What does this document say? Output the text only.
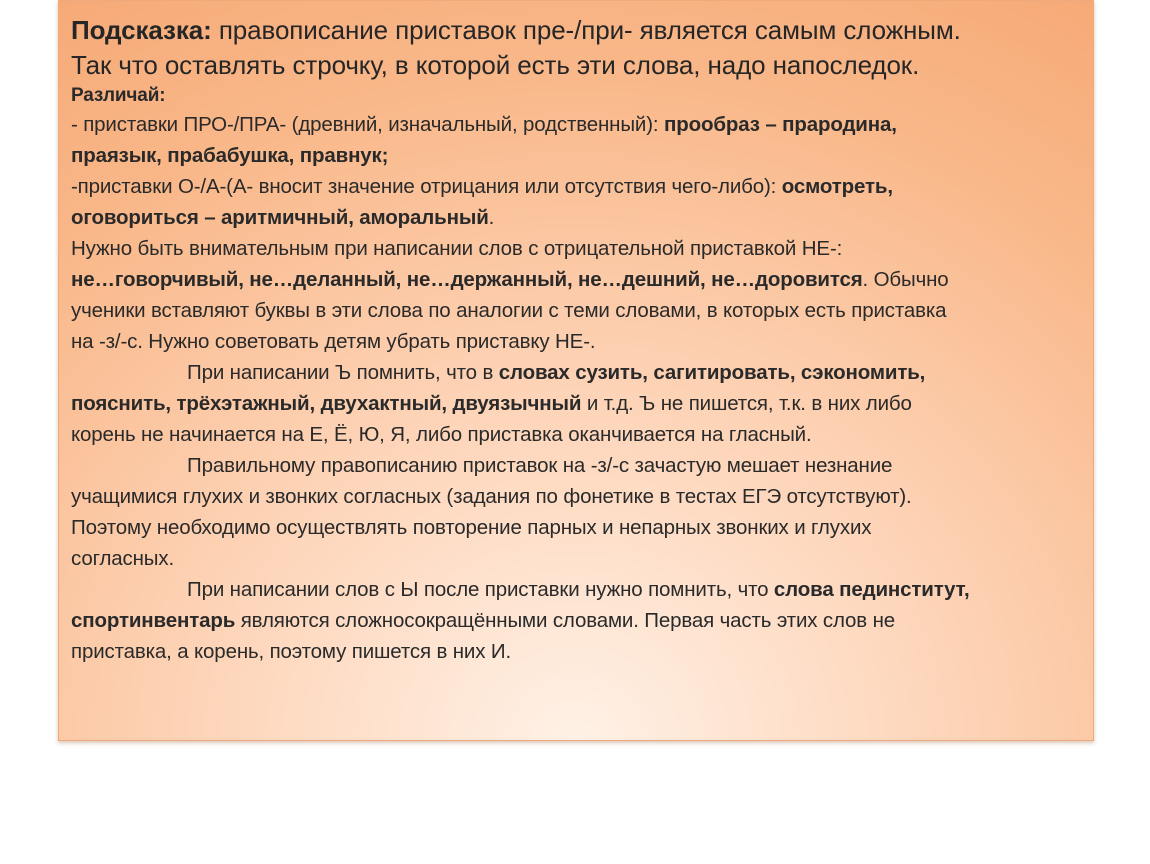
Подсказка: правописание приставок пре-/при- является самым сложным.

Так что оставлять строчку, в которой есть эти слова, надо напоследок.

Различай:

- приставки ПРО-/ПРА- (древний, изначальный, родственный): прообраз – прародина,

праязык, прабабушка, правнук;

-приставки О-/А-(А- вносит значение отрицания или отсутствия чего-либо): осмотреть,

оговориться – аритмичный, аморальный.

Нужно быть внимательным при написании слов с отрицательной приставкой НЕ-:

не…говорчивый, не…деланный, не…держанный, не…дешний, не…доровится. Обычно

ученики вставляют буквы в эти слова по аналогии с теми словами, в которых есть приставка

на -з/-с. Нужно советовать детям убрать приставку НЕ-.

При написании Ъ помнить, что в словах сузить, сагитировать, сэкономить,

пояснить, трёхэтажный, двухактный, двуязычный и т.д. Ъ не пишется, т.к. в них либо

корень не начинается на Е, Ё, Ю, Я, либо приставка оканчивается на гласный.

Правильному правописанию приставок на -з/-с зачастую мешает незнание

учащимися глухих и звонких согласных (задания по фонетике в тестах ЕГЭ отсутствуют).

Поэтому необходимо осуществлять повторение парных и непарных звонких и глухих

согласных.

При написании слов с Ы после приставки нужно помнить, что слова пединститут,

спортинвентарь являются сложносокращёнными словами. Первая часть этих слов не

приставка, а корень, поэтому пишется в них И.
